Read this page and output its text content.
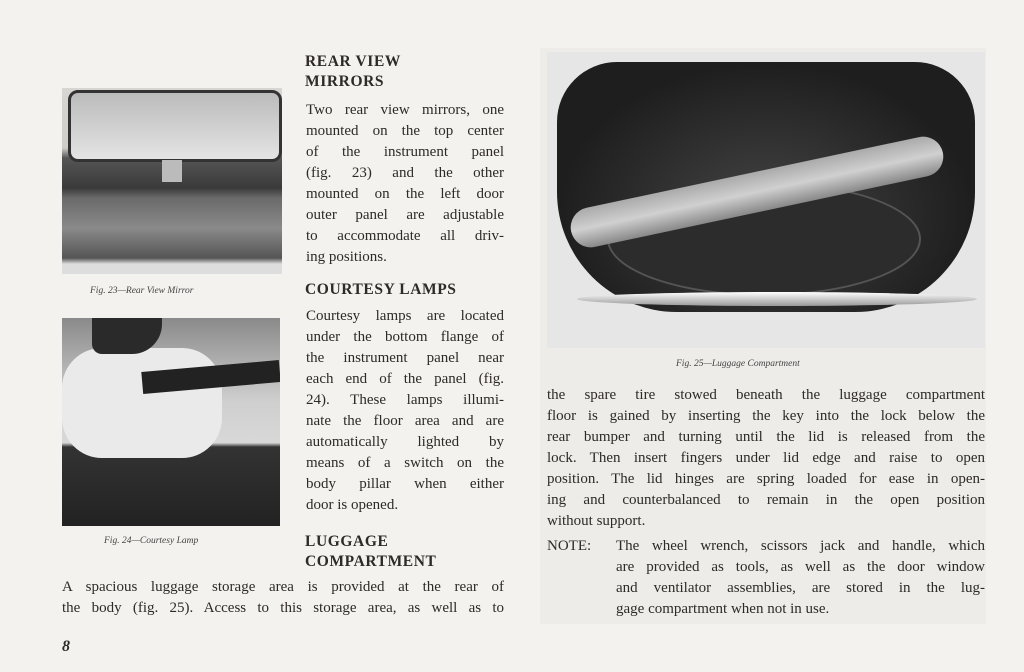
Fig. 23—Rear View Mirror
Fig. 24—Courtesy Lamp
REAR VIEW
MIRRORS
Two rear view mirrors, one
mounted on the top center
of the instrument panel
(fig. 23) and the other
mounted on the left door
outer panel are adjustable
to accommodate all driv-
ing positions.
COURTESY LAMPS
Courtesy lamps are located
under the bottom flange of
the instrument panel near
each end of the panel (fig.
24). These lamps illumi-
nate the floor area and are
automatically lighted by
means of a switch on the
body pillar when either
door is opened.
LUGGAGE
COMPARTMENT
A spacious luggage storage area is provided at the rear of
the body (fig. 25). Access to this storage area, as well as to
8
Fig. 25—Luggage Compartment
the spare tire stowed beneath the luggage compartment
floor is gained by inserting the key into the lock below the
rear bumper and turning until the lid is released from the
lock. Then insert fingers under lid edge and raise to open
position. The lid hinges are spring loaded for ease in open-
ing and counterbalanced to remain in the open position
without support.
NOTE: The wheel wrench, scissors jack and handle, which
are provided as tools, as well as the door window
and ventilator assemblies, are stored in the lug-
gage compartment when not in use.
